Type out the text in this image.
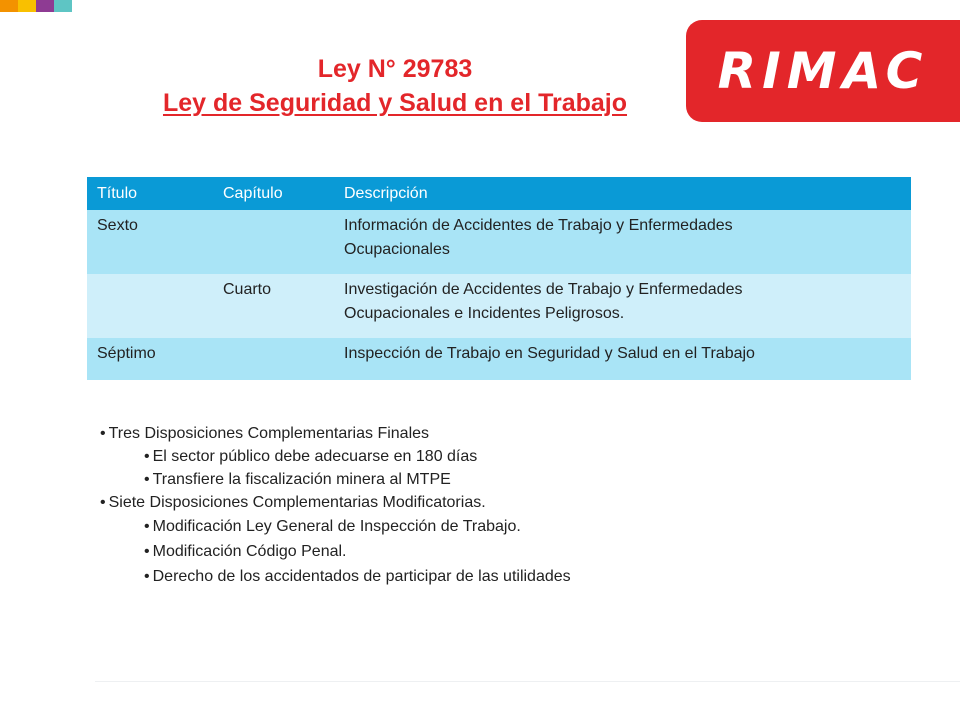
Ley N° 29783
Ley de Seguridad y Salud en el Trabajo
RIMAC
Título	Capítulo	Descripción
Sexto		Información de Accidentes de Trabajo y Enfermedades
Ocupacionales

	Cuarto	Investigación de Accidentes de Trabajo y Enfermedades
Ocupacionales e Incidentes Peligrosos.

Séptimo		Inspección de Trabajo en Seguridad y Salud en el Trabajo
• Tres Disposiciones Complementarias Finales
• El sector público debe adecuarse en 180 días
• Transfiere la fiscalización minera al MTPE
• Siete Disposiciones Complementarias Modificatorias.
• Modificación Ley General de Inspección de Trabajo.
• Modificación Código Penal.
• Derecho de los accidentados de participar de las utilidades
